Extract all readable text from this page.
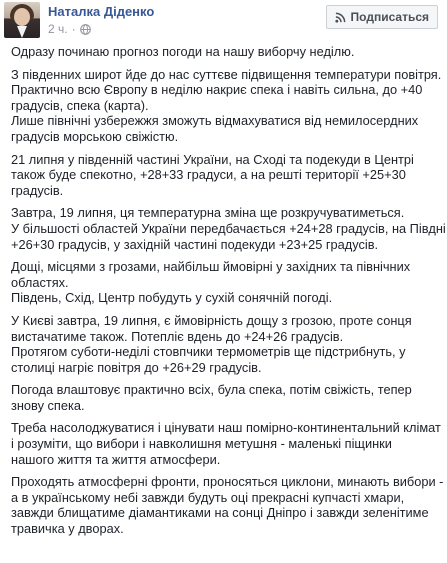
Наталка Діденко
2 ч. ·
Подписаться
Одразу починаю прогноз погоди на нашу виборчу неділю.
З південних широт йде до нас суттєве підвищення температури повітря.
Практично всю Європу в неділю накриє спека і навіть сильна, до +40
градусів, спека (карта).
Лише північні узбережжя зможуть відмахуватися від немилосердних
градусів морською свіжістю.
21 липня у південній частині України, на Сході та подекуди в Центрі
також буде спекотно, +28+33 градуси, а на решті території +25+30
градусів.
Завтра, 19 липня, ця температурна зміна ще розкручуватиметься.
У більшості областей України передбачається +24+28 градусів, на Півдні
+26+30 градусів, у західній частині подекуди +23+25 градусів.
Дощі, місцями з грозами, найбільш ймовірні у західних та північних
областях.
Південь, Схід, Центр побудуть у сухій сонячній погоді.
У Києві завтра, 19 липня, є ймовірність дощу з грозою, проте сонця
вистачатиме також. Потепліє вдень до +24+26 градусів.
Протягом суботи-неділі стовпчики термометрів ще підстрибнуть, у
столиці нагріє повітря до +26+29 градусів.
Погода влаштовує практично всіх, була спека, потім свіжість, тепер
знову спека.
Треба насолоджуватися і цінувати наш помірно-континентальний клімат
і розуміти, що вибори і навколишня метушня - маленькі піщинки
нашого життя та життя атмосфери.
Проходять атмосферні фронти, проносяться циклони, минають вибори -
а в українському небі завжди будуть оці прекрасні купчасті хмари,
завжди блищатиме діамантиками на сонці Дніпро і завжди зеленітиме
травичка у дворах.
